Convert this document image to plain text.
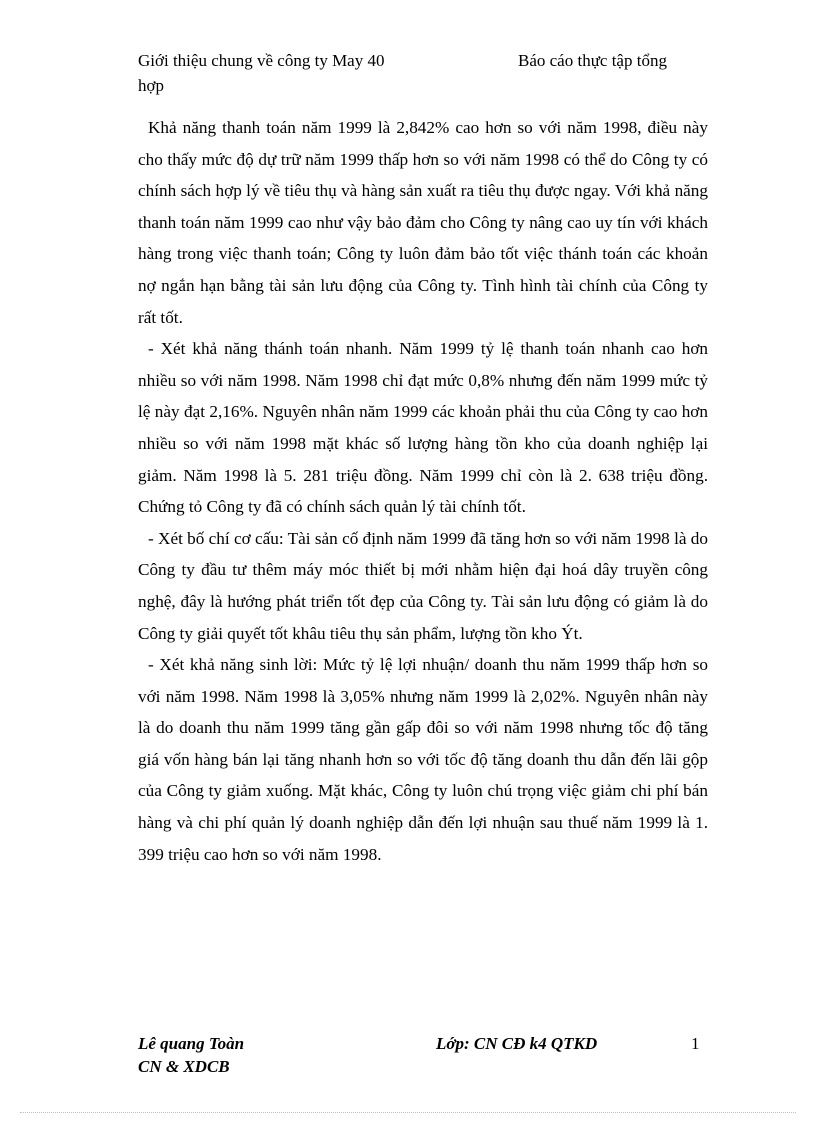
Giới thiệu chung về công ty May 40	Báo cáo thực tập tổng
hợp

Khả năng thanh toán năm 1999 là 2,842% cao hơn so với năm 1998, điều này cho thấy mức độ dự trữ năm 1999 thấp hơn so với năm 1998 có thể do Công ty có chính sách hợp lý về tiêu thụ và hàng sản xuất ra tiêu thụ được ngay. Với khả năng thanh toán năm 1999 cao như vậy bảo đảm cho Công ty nâng cao uy tín với khách hàng trong việc thanh toán; Công ty luôn đảm bảo tốt việc thánh toán các khoản nợ ngắn hạn bằng tài sản lưu động của Công ty. Tình hình tài chính của Công ty rất tốt.

- Xét khả năng thánh toán nhanh. Năm 1999 tỷ lệ thanh toán nhanh cao hơn nhiều so với năm 1998. Năm 1998 chỉ đạt mức 0,8% nhưng đến năm 1999 mức tỷ lệ này đạt 2,16%. Nguyên nhân năm 1999 các khoản phải thu của Công ty cao hơn nhiều so với năm 1998 mặt khác số lượng hàng tồn kho của doanh nghiệp lại giảm. Năm 1998 là 5. 281 triệu đồng. Năm 1999 chỉ còn là 2. 638 triệu đồng. Chứng tỏ Công ty đã có chính sách quản lý tài chính tốt.

- Xét bố chí cơ cấu: Tài sản cố định năm 1999 đã tăng hơn so với năm 1998 là do Công ty đầu tư thêm máy móc thiết bị mới nhằm hiện đại hoá dây truyền công nghệ, đây là hướng phát triển tốt đẹp của Công ty. Tài sản lưu động có giảm là do Công ty giải quyết tốt khâu tiêu thụ sản phẩm, lượng tồn kho Ýt.

- Xét khả năng sinh lời: Mức tỷ lệ lợi nhuận/ doanh thu năm 1999 thấp hơn so với năm 1998. Năm 1998 là 3,05% nhưng năm 1999 là 2,02%. Nguyên nhân này là do doanh thu năm 1999 tăng gần gấp đôi so với năm 1998 nhưng tốc độ tăng giá vốn hàng bán lại tăng nhanh hơn so với tốc độ tăng doanh thu dẫn đến lãi gộp của Công ty giảm xuống. Mặt khác, Công ty luôn chú trọng việc giảm chi phí bán hàng và chi phí quản lý doanh nghiệp dẫn đến lợi nhuận sau thuế năm 1999 là 1. 399 triệu cao hơn so với năm 1998.

Lê quang Toàn
CN & XDCB
Lớp: CN CĐ k4 QTKD	1
